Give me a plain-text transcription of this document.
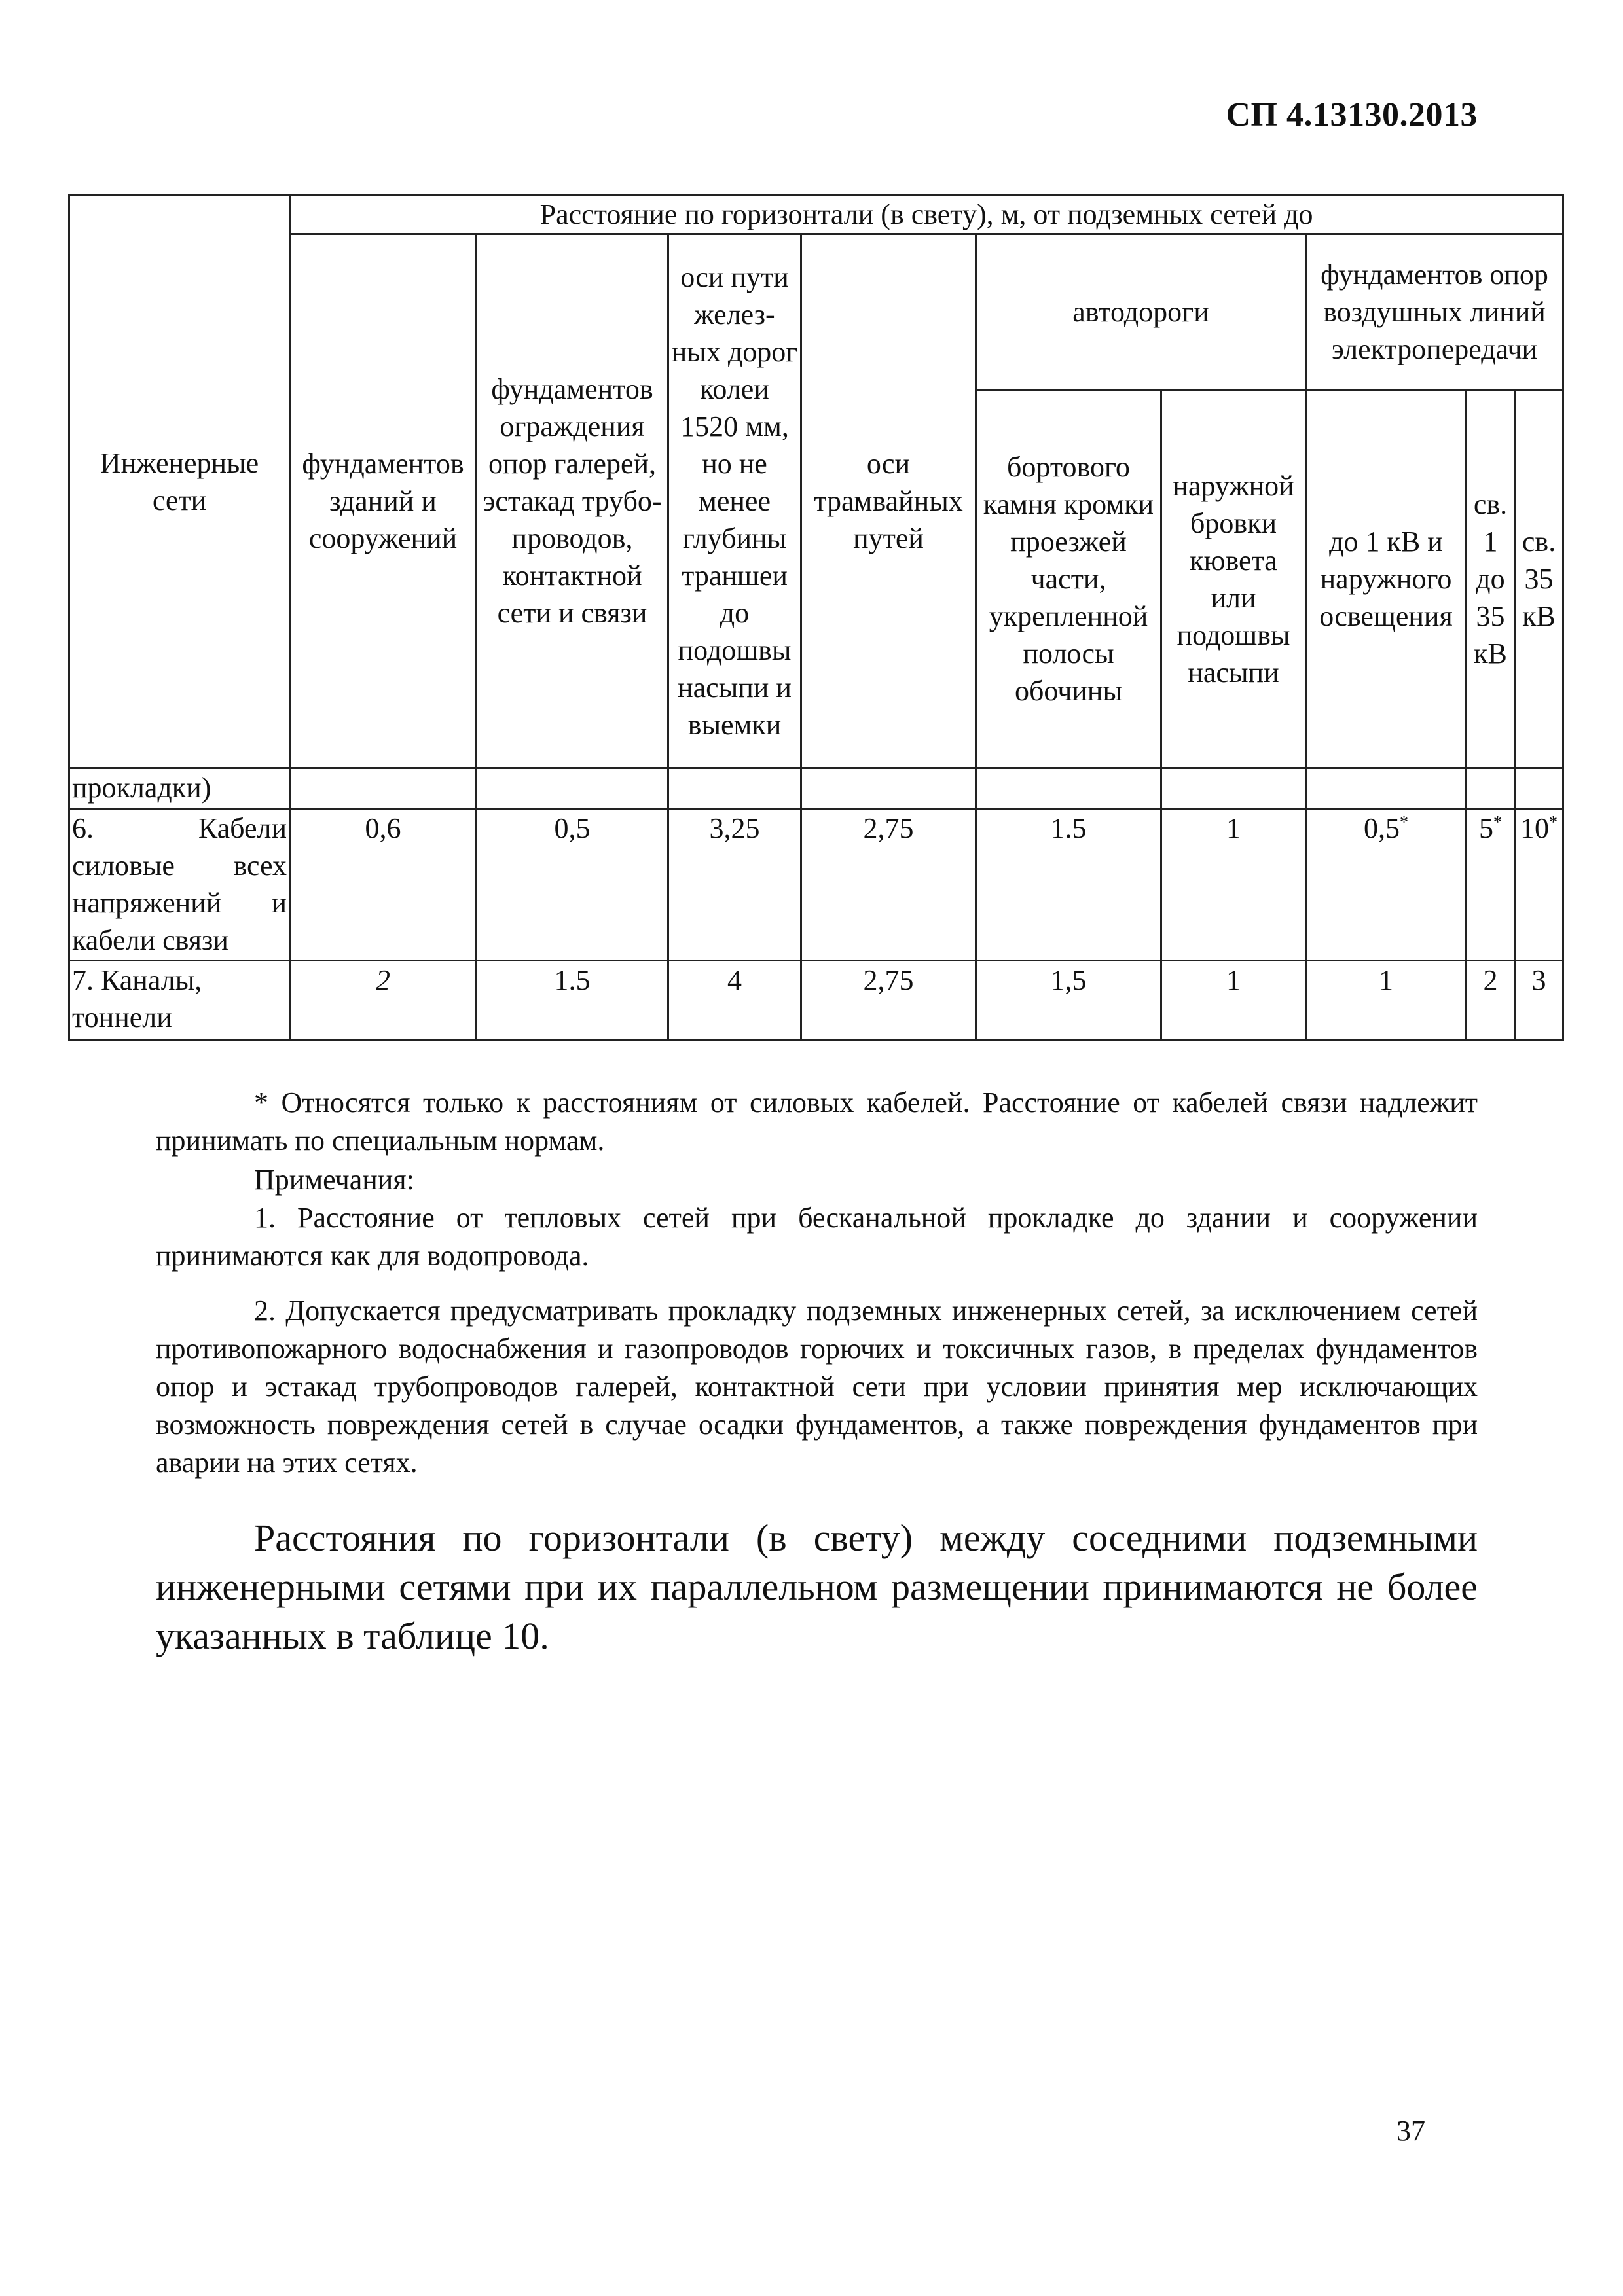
СП 4.13130.2013
Инженерные сети	Расстояние по горизонтали (в свету), м, от подземных сетей до								
	фундаментов зданий и сооружений	фундаментов ограждения опор галерей, эстакад трубо-проводов, контактной сети и связи	оси пути желез-ных дорог колеи 1520 мм, но не менее глубины траншеи до подошвы насыпи и выемки	оси трамвайных путей	автодороги		фундаментов опор воздушных линий электропередачи		
					бортового камня кромки проезжей части, укрепленной полосы обочины	наружной бровки кювета или подошвы насыпи	до 1 кВ и наружного освещения	св. 1 до 35 кВ	св. 35 кВ
прокладки)									
6. Кабели силовые всех напряжений и кабели связи	0,6	0,5	3,25	2,75	1.5	1	0,5*	5*	10*
7. Каналы, тоннели	2	1.5	4	2,75	1,5	1	1	2	3
* Относятся только к расстояниям от силовых кабелей. Расстояние от кабелей связи надлежит принимать по специальным нормам.
Примечания:
1. Расстояние от тепловых сетей при бесканальной прокладке до здании и сооружении принимаются как для водопровода.
2. Допускается предусматривать прокладку подземных инженерных сетей, за исключением сетей противопожарного водоснабжения и газопроводов горючих и токсичных газов, в пределах фундаментов опор и эстакад трубопроводов галерей, контактной сети при условии принятия мер исключающих возможность повреждения сетей в случае осадки фундаментов, а также повреждения фундаментов при аварии на этих сетях.
Расстояния по горизонтали (в свету) между соседними подземными инженерными сетями при их параллельном размещении принимаются не более указанных в таблице 10.
37
